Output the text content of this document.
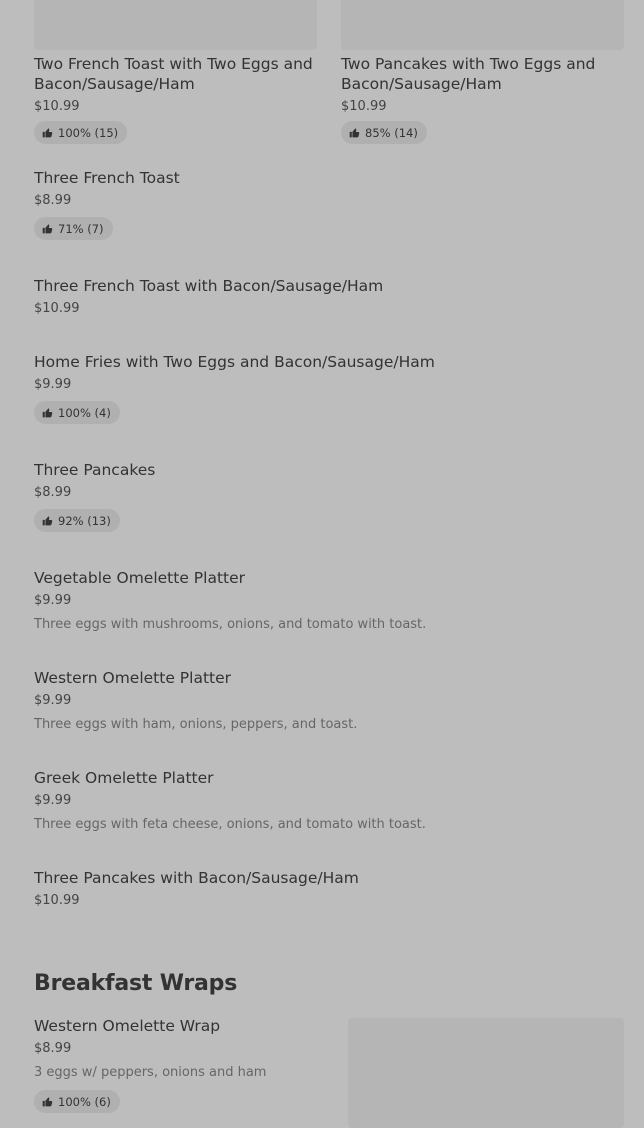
Two French Toast with Two Eggs and Bacon/Sausage/Ham
$10.99
100% (15)
Two Pancakes with Two Eggs and Bacon/Sausage/Ham
$10.99
85% (14)
Three French Toast
$8.99
71% (7)
Three French Toast with Bacon/Sausage/Ham
$10.99
Home Fries with Two Eggs and Bacon/Sausage/Ham
$9.99
100% (4)
Three Pancakes
$8.99
92% (13)
Vegetable Omelette Platter
$9.99
Three eggs with mushrooms, onions, and tomato with toast.
Western Omelette Platter
$9.99
Three eggs with ham, onions, peppers, and toast.
Greek Omelette Platter
$9.99
Three eggs with feta cheese, onions, and tomato with toast.
Three Pancakes with Bacon/Sausage/Ham
$10.99
Breakfast Wraps
Western Omelette Wrap
$8.99
3 eggs w/ peppers, onions and ham
100% (6)
